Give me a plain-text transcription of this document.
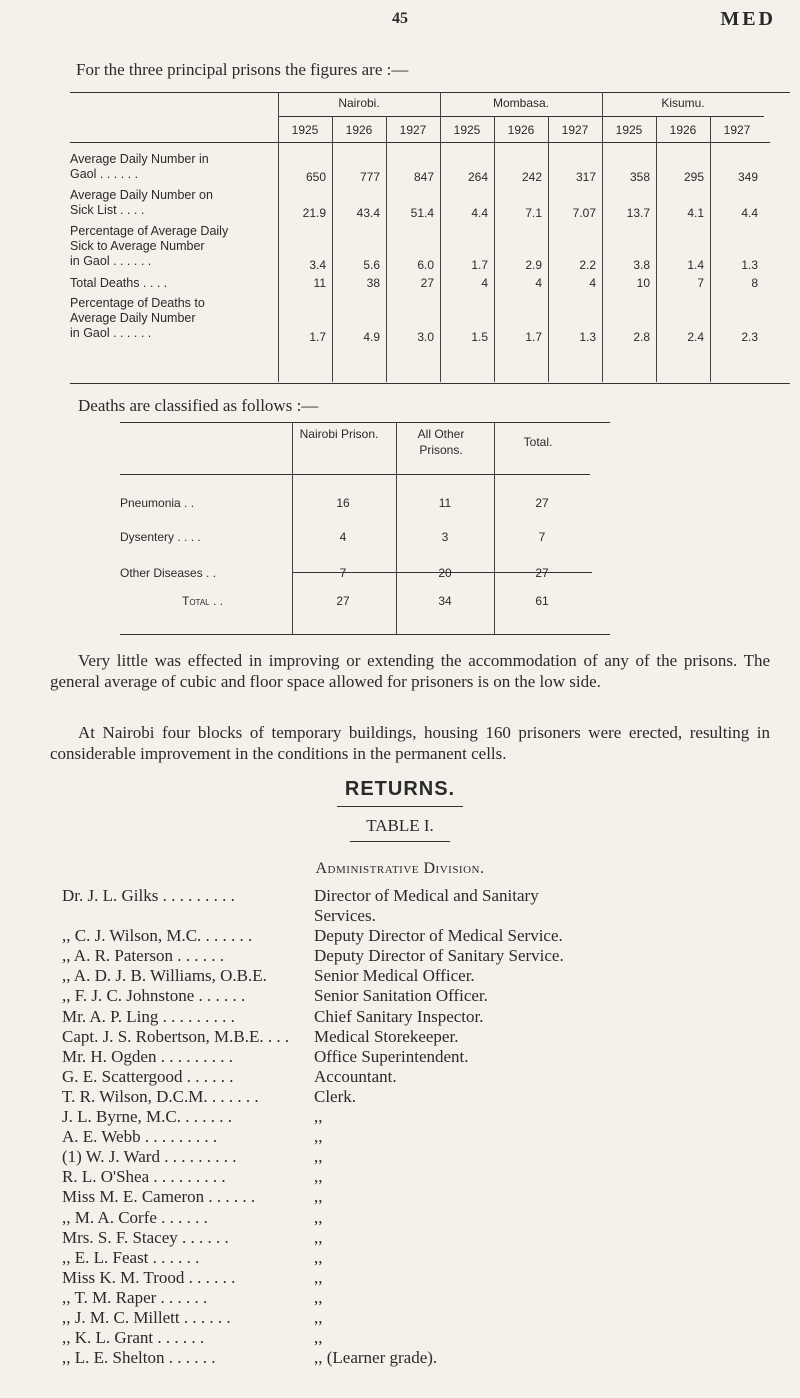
45	MED
For the three principal prisons the figures are :—
Nairobi.	Mombasa.	Kisumu.
1925	1926	1927	1925	1926	1927	1925	1926	1927
Average Daily Number in
Gaol . . . . . .	650	777	847	264	242	317	358	295	349
Average Daily Number on
Sick List . . . .	21.9	43.4	51.4	4.4	7.1	7.07	13.7	4.1	4.4
Percentage of Average Daily
Sick to Average Number
in Gaol . . . . . .	3.4	5.6	6.0	1.7	2.9	2.2	3.8	1.4	1.3
Total Deaths . . . .	11	38	27	4	4	4	10	7	8
Percentage of Deaths to
Average Daily Number
in Gaol . . . . . .	1.7	4.9	3.0	1.5	1.7	1.3	2.8	2.4	2.3
Deaths are classified as follows :—
Nairobi Prison.	All Other Prisons.
Total.
Pneumonia . .	16	11	27
Dysentery . . . .	4	3	7
Other Diseases . .	7	20	27
Total . .	27	34	61
Very little was effected in improving or extending the accommodation of any of the prisons. The general average of cubic and floor space allowed for prisoners is on the low side.
At Nairobi four blocks of temporary buildings, housing 160 prisoners were erected, resulting in considerable improvement in the conditions in the permanent cells.
RETURNS.
TABLE I.
Administrative Division.
Dr. J. L. Gilks . . . . . . . . .	Director of Medical and Sanitary
Services.
,, C. J. Wilson, M.C. . . . . . .	Deputy Director of Medical Service.
,, A. R. Paterson . . . . . .	Deputy Director of Sanitary Service.
,, A. D. J. B. Williams, O.B.E.	Senior Medical Officer.
,, F. J. C. Johnstone . . . . . .	Senior Sanitation Officer.
Mr. A. P. Ling . . . . . . . . .	Chief Sanitary Inspector.
Capt. J. S. Robertson, M.B.E. . . . Medical Storekeeper.
Mr. H. Ogden . . . . . . . . .	Office Superintendent.
G. E. Scattergood . . . . . .	Accountant.
T. R. Wilson, D.C.M. . . . . . .	Clerk.
J. L. Byrne, M.C. . . . . . .	,,
A. E. Webb . . . . . . . . .	,,
(1) W. J. Ward . . . . . . . . .	,,
R. L. O'Shea . . . . . . . . .	,,
Miss M. E. Cameron . . . . . .	,,
,, M. A. Corfe . . . . . .	,,
Mrs. S. F. Stacey . . . . . .	,,
,, E. L. Feast . . . . . .	,,
Miss K. M. Trood . . . . . .	,,
,, T. M. Raper . . . . . .	,,
,, J. M. C. Millett . . . . . .	,,
,, K. L. Grant . . . . . .	,,
,, L. E. Shelton . . . . . .	,, (Learner grade).
